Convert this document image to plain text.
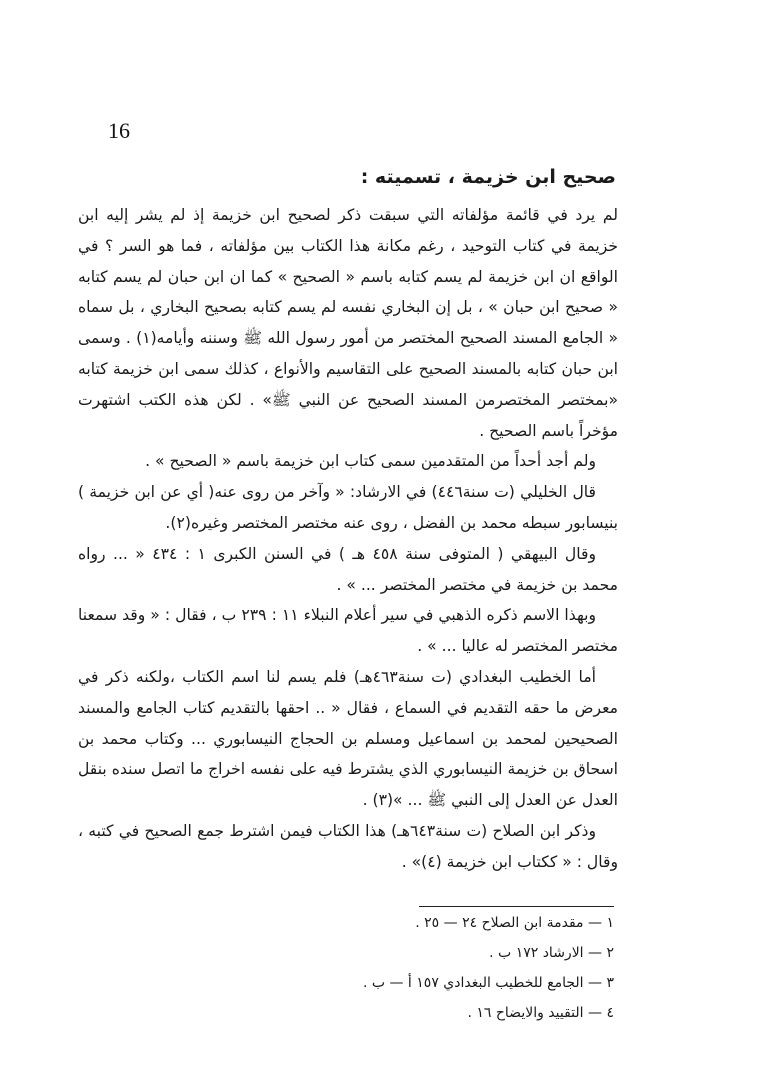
16
صحيح ابن خزيمة ، تسميته :

لم يرد في قائمة مؤلفاته التي سبقت ذكر لصحيح ابن خزيمة إذ لم يشر إليه ابن خزيمة في كتاب التوحيد ، رغم مكانة هذا الكتاب بين مؤلفاته ، فما هو السر ؟ في الواقع ان ابن خزيمة لم يسم كتابه باسم « الصحيح » كما ان ابن حبان لم يسم كتابه « صحيح ابن حبان » ، بل إن البخاري نفسه لم يسم كتابه بصحيح البخاري ، بل سماه « الجامع المسند الصحيح المختصر من أمور رسول الله ﷺ وسننه وأيامه(١) . وسمى ابن حبان كتابه بالمسند الصحيح على التقاسيم والأنواع ، كذلك سمى ابن خزيمة كتابه «بمختصر المختصرمن المسند الصحيح عن النبي ﷺ» . لكن هذه الكتب اشتهرت مؤخراً باسم الصحيح .

ولم أجد أحداً من المتقدمين سمى كتاب ابن خزيمة باسم « الصحيح » .

قال الخليلي (ت سنة٤٤٦) في الارشاد: « وآخر من روى عنه( أي عن ابن خزيمة ) بنيسابور سبطه محمد بن الفضل ، روى عنه مختصر المختصر وغيره(٢).

وقال البيهقي ( المتوفى سنة ٤٥٨ هـ ) في السنن الكبرى ١ : ٤٣٤ « ... رواه محمد بن خزيمة في مختصر المختصر ... » .

وبهذا الاسم ذكره الذهبي في سير أعلام النبلاء ١١ : ٢٣٩ ب ، فقال : « وقد سمعنا مختصر المختصر له عاليا ... » .

أما الخطيب البغدادي (ت سنة٤٦٣هـ) فلم يسم لنا اسم الكتاب ،ولكنه ذكر في معرض ما حقه التقديم في السماع ، فقال « .. احقها بالتقديم كتاب الجامع والمسند الصحيحين لمحمد بن اسماعيل ومسلم بن الحجاج النيسابوري ... وكتاب محمد بن اسحاق بن خزيمة النيسابوري الذي يشترط فيه على نفسه اخراج ما اتصل سنده بنقل العدل عن العدل إلى النبي ﷺ ... »(٣) .

وذكر ابن الصلاح (ت سنة٦٤٣هـ) هذا الكتاب فيمن اشترط جمع الصحيح في كتبه ، وقال : « ككتاب ابن خزيمة (٤)» .

١ — مقدمة ابن الصلاح ٢٤ — ٢٥ .
٢ — الارشاد ١٧٢ ب .
٣ — الجامع للخطيب البغدادي ١٥٧ أ — ب .
٤ — التقييد والايضاح ١٦ .
